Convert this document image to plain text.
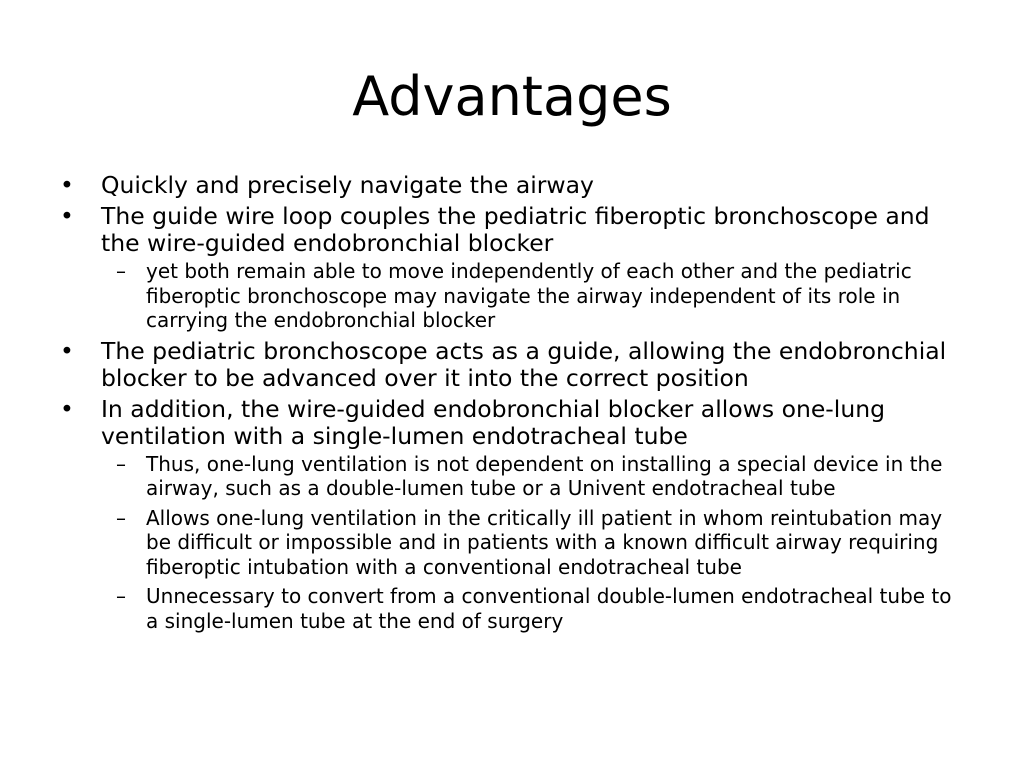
Advantages
• Quickly and precisely navigate the airway
• The guide wire loop couples the pediatric fiberoptic bronchoscope and the wire-guided endobronchial blocker
– yet both remain able to move independently of each other and the pediatric fiberoptic bronchoscope may navigate the airway independent of its role in carrying the endobronchial blocker
• The pediatric bronchoscope acts as a guide, allowing the endobronchial blocker to be advanced over it into the correct position
• In addition, the wire-guided endobronchial blocker allows one-lung ventilation with a single-lumen endotracheal tube
– Thus, one-lung ventilation is not dependent on installing a special device in the airway, such as a double-lumen tube or a Univent endotracheal tube
– Allows one-lung ventilation in the critically ill patient in whom reintubation may be difficult or impossible and in patients with a known difficult airway requiring fiberoptic intubation with a conventional endotracheal tube
– Unnecessary to convert from a conventional double-lumen endotracheal tube to a single-lumen tube at the end of surgery
